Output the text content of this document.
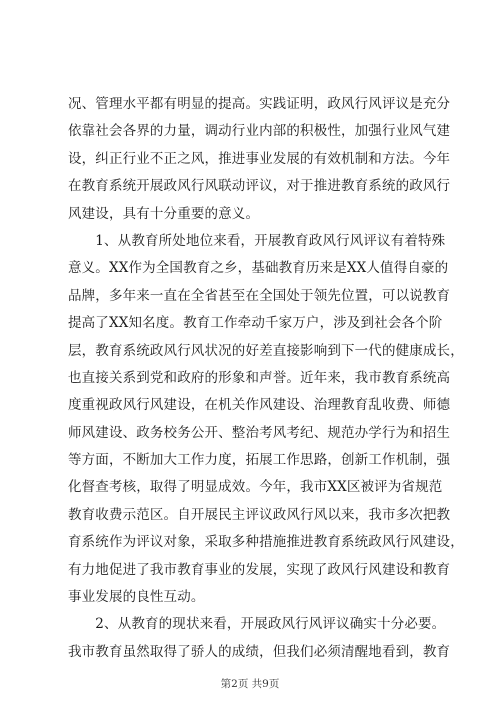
况、管理水平都有明显的提高。实践证明，政风行风评议是充分
依靠社会各界的力量，调动行业内部的积极性，加强行业风气建
设，纠正行业不正之风，推进事业发展的有效机制和方法。今年
在教育系统开展政风行风联动评议，对于推进教育系统的政风行
风建设，具有十分重要的意义。
　　1、从教育所处地位来看，开展教育政风行风评议有着特殊
意义。XX作为全国教育之乡，基础教育历来是XX人值得自豪的
品牌，多年来一直在全省甚至在全国处于领先位置，可以说教育
提高了XX知名度。教育工作牵动千家万户，涉及到社会各个阶
层，教育系统政风行风状况的好差直接影响到下一代的健康成长，
也直接关系到党和政府的形象和声誉。近年来，我市教育系统高
度重视政风行风建设，在机关作风建设、治理教育乱收费、师德
师风建设、政务校务公开、整治考风考纪、规范办学行为和招生
等方面，不断加大工作力度，拓展工作思路，创新工作机制，强
化督查考核，取得了明显成效。今年，我市XX区被评为省规范
教育收费示范区。自开展民主评议政风行风以来，我市多次把教
育系统作为评议对象，采取多种措施推进教育系统政风行风建设，
有力地促进了我市教育事业的发展，实现了政风行风建设和教育
事业发展的良性互动。
　　2、从教育的现状来看，开展政风行风评议确实十分必要。
我市教育虽然取得了骄人的成绩，但我们必须清醒地看到，教育
第2页 共9页
